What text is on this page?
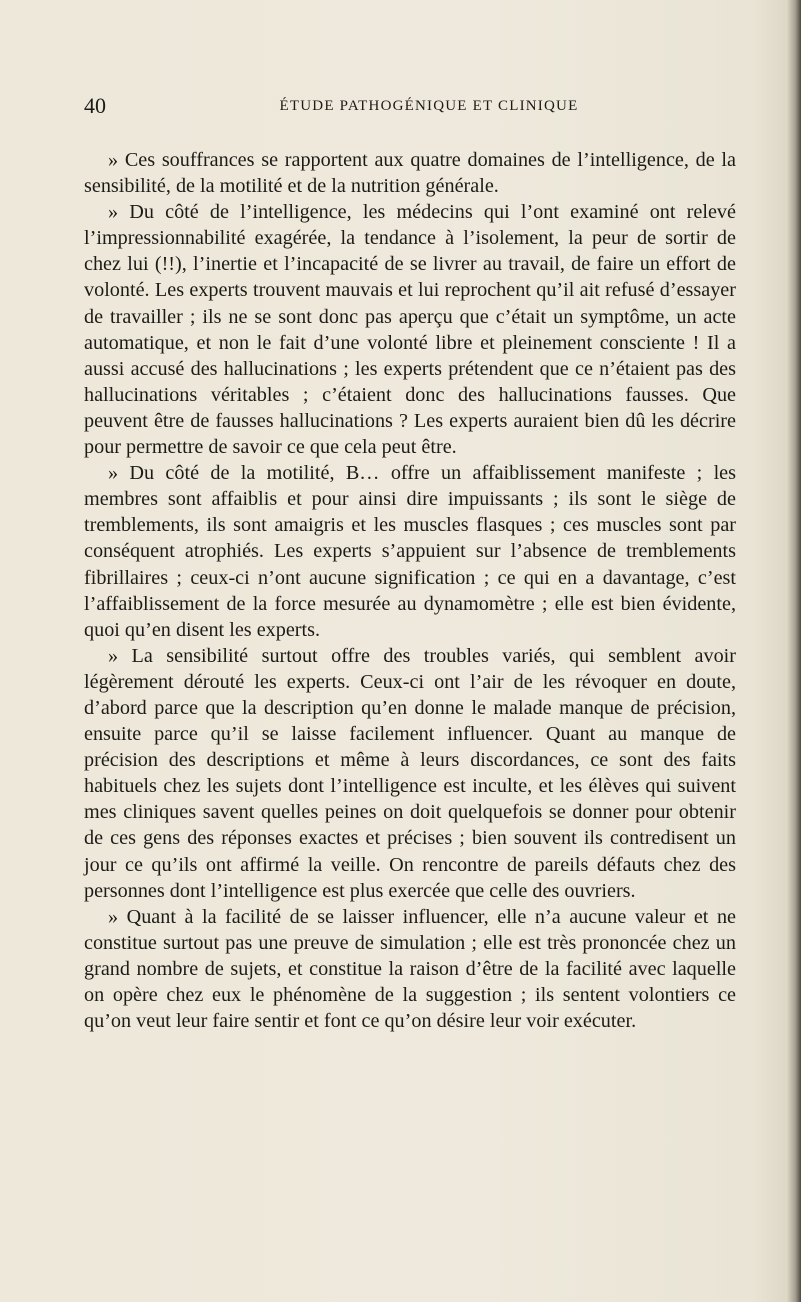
40	ÉTUDE PATHOGÉNIQUE ET CLINIQUE

» Ces souffrances se rapportent aux quatre domaines de l’intelligence, de la sensibilité, de la motilité et de la nutrition générale.

» Du côté de l’intelligence, les médecins qui l’ont examiné ont relevé l’impressionnabilité exagérée, la tendance à l’isolement, la peur de sortir de chez lui (!!), l’inertie et l’incapacité de se livrer au travail, de faire un effort de volonté. Les experts trouvent mauvais et lui reprochent qu’il ait refusé d’essayer de travailler ; ils ne se sont donc pas aperçu que c’était un symptôme, un acte automatique, et non le fait d’une volonté libre et pleinement consciente ! Il a aussi accusé des hallucinations ; les experts prétendent que ce n’étaient pas des hallucinations véritables ; c’étaient donc des hallucinations fausses. Que peuvent être de fausses hallucinations ? Les experts auraient bien dû les décrire pour permettre de savoir ce que cela peut être.

» Du côté de la motilité, B… offre un affaiblissement manifeste ; les membres sont affaiblis et pour ainsi dire impuissants ; ils sont le siège de tremblements, ils sont amaigris et les muscles flasques ; ces muscles sont par conséquent atrophiés. Les experts s’appuient sur l’absence de tremblements fibrillaires ; ceux-ci n’ont aucune signification ; ce qui en a davantage, c’est l’affaiblissement de la force mesurée au dynamomètre ; elle est bien évidente, quoi qu’en disent les experts.

» La sensibilité surtout offre des troubles variés, qui semblent avoir légèrement dérouté les experts. Ceux-ci ont l’air de les révoquer en doute, d’abord parce que la description qu’en donne le malade manque de précision, ensuite parce qu’il se laisse facilement influencer. Quant au manque de précision des descriptions et même à leurs discordances, ce sont des faits habituels chez les sujets dont l’intelligence est inculte, et les élèves qui suivent mes cliniques savent quelles peines on doit quelquefois se donner pour obtenir de ces gens des réponses exactes et précises ; bien souvent ils contredisent un jour ce qu’ils ont affirmé la veille. On rencontre de pareils défauts chez des personnes dont l’intelligence est plus exercée que celle des ouvriers.

» Quant à la facilité de se laisser influencer, elle n’a aucune valeur et ne constitue surtout pas une preuve de simulation ; elle est très prononcée chez un grand nombre de sujets, et constitue la raison d’être de la facilité avec laquelle on opère chez eux le phénomène de la suggestion ; ils sentent volontiers ce qu’on veut leur faire sentir et font ce qu’on désire leur voir exécuter.
